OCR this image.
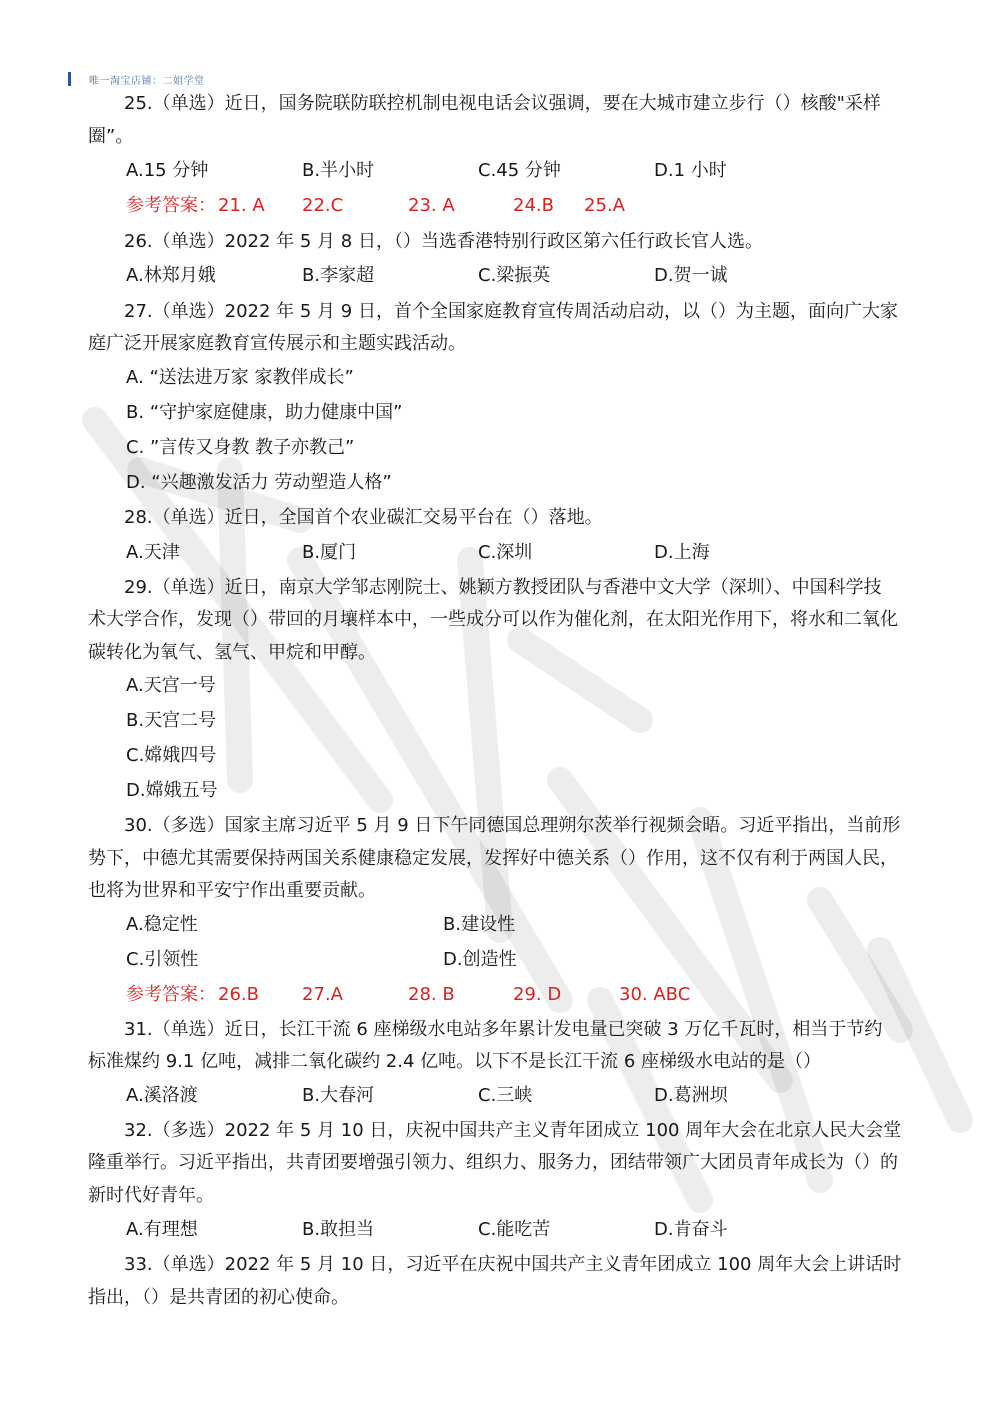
唯一淘宝店铺：二姐学堂
25.（单选）近日，国务院联防联控机制电视电话会议强调，要在大城市建立步行（）核酸"采样
圈”。
A.15 分钟	B.半小时	C.45 分钟	D.1 小时
参考答案： 21. A 22.C	23. A	24.B 25.A
26.（单选）2022 年 5 月 8 日，（）当选香港特别行政区第六任行政长官人选。
A.林郑月娥	B.李家超	C.梁振英	D.贺一诚
27.（单选）2022 年 5 月 9 日，首个全国家庭教育宣传周活动启动，以（）为主题，面向广大家
庭广泛开展家庭教育宣传展示和主题实践活动。
A. “送法进万家 家教伴成长”
B. “守护家庭健康，助力健康中国”
C. ”言传又身教 教子亦教己”
D. “兴趣激发活力 劳动塑造人格”
28.（单选）近日，全国首个农业碳汇交易平台在（）落地。
A.天津	B.厦门	C.深圳	D.上海
29.（单选）近日，南京大学邹志刚院士、姚颖方教授团队与香港中文大学（深圳）、中国科学技
术大学合作，发现（）带回的月壤样本中，一些成分可以作为催化剂，在太阳光作用下，将水和二氧化
碳转化为氧气、氢气、甲烷和甲醇。
A.天宫一号
B.天宫二号
C.嫦娥四号
D.嫦娥五号
30.（多选）国家主席习近平 5 月 9 日下午同德国总理朔尔茨举行视频会晤。习近平指出，当前形
势下，中德尤其需要保持两国关系健康稳定发展，发挥好中德关系（）作用，这不仅有利于两国人民，
也将为世界和平安宁作出重要贡献。
A.稳定性	B.建设性
C.引领性	D.创造性
参考答案： 26.B 27.A	28. B	29. D	30. ABC
31.（单选）近日，长江干流 6 座梯级水电站多年累计发电量已突破 3 万亿千瓦时，相当于节约
标准煤约 9.1 亿吨，减排二氧化碳约 2.4 亿吨。以下不是长江干流 6 座梯级水电站的是（）
A.溪洛渡	B.大春河	C.三峡	D.葛洲坝
32.（多选）2022 年 5 月 10 日，庆祝中国共产主义青年团成立 100 周年大会在北京人民大会堂
隆重举行。习近平指出，共青团要增强引领力、组织力、服务力，团结带领广大团员青年成长为（）的
新时代好青年。
A.有理想	B.敢担当	C.能吃苦	D.肯奋斗
33.（单选）2022 年 5 月 10 日，习近平在庆祝中国共产主义青年团成立 100 周年大会上讲话时
指出，（）是共青团的初心使命。
